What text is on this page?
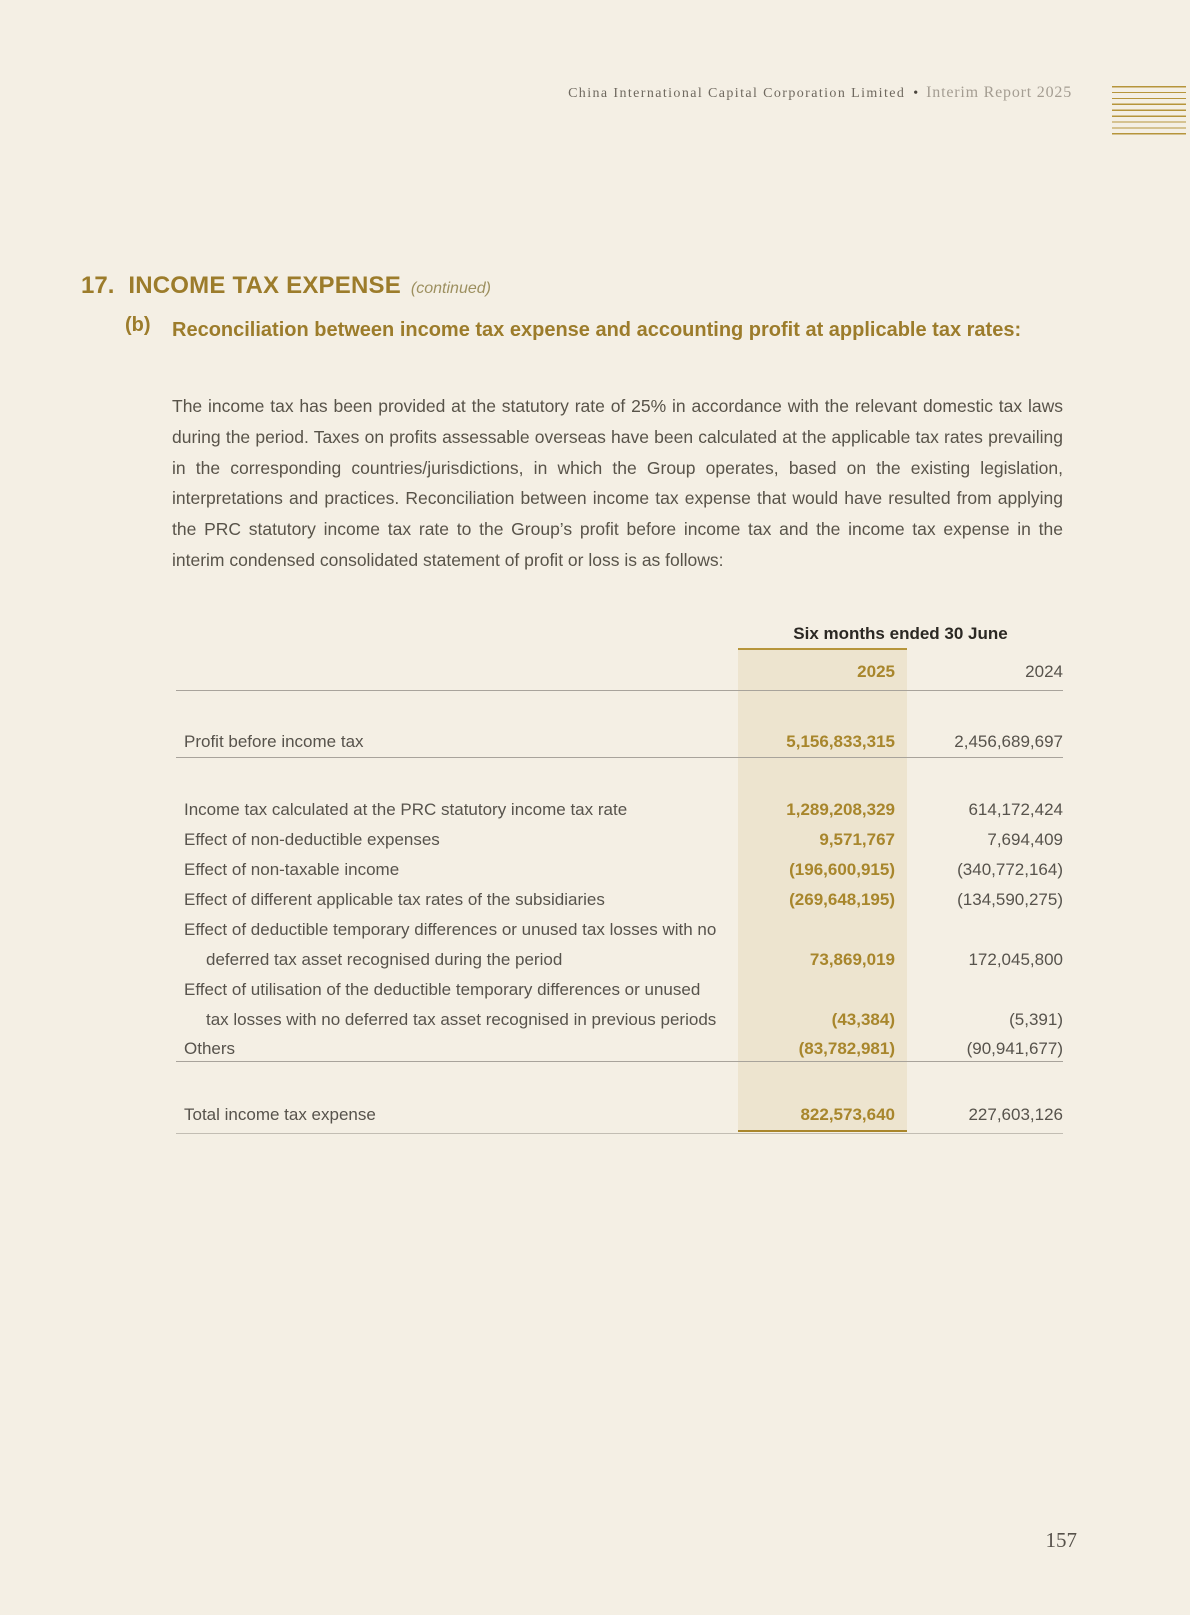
China International Capital Corporation Limited • Interim Report 2025
17. INCOME TAX EXPENSE (continued)
(b) Reconciliation between income tax expense and accounting profit at applicable tax rates:
The income tax has been provided at the statutory rate of 25% in accordance with the relevant domestic tax laws during the period. Taxes on profits assessable overseas have been calculated at the applicable tax rates prevailing in the corresponding countries/jurisdictions, in which the Group operates, based on the existing legislation, interpretations and practices. Reconciliation between income tax expense that would have resulted from applying the PRC statutory income tax rate to the Group’s profit before income tax and the income tax expense in the interim condensed consolidated statement of profit or loss is as follows:
Six months ended 30 June
2025	2024
Profit before income tax	5,156,833,315	2,456,689,697
Income tax calculated at the PRC statutory income tax rate	1,289,208,329	614,172,424
Effect of non-deductible expenses	9,571,767	7,694,409
Effect of non-taxable income	(196,600,915)	(340,772,164)
Effect of different applicable tax rates of the subsidiaries	(269,648,195)	(134,590,275)
Effect of deductible temporary differences or unused tax losses with no
deferred tax asset recognised during the period	73,869,019	172,045,800
Effect of utilisation of the deductible temporary differences or unused
tax losses with no deferred tax asset recognised in previous periods	(43,384)	(5,391)
Others	(83,782,981)	(90,941,677)
Total income tax expense	822,573,640	227,603,126
157
